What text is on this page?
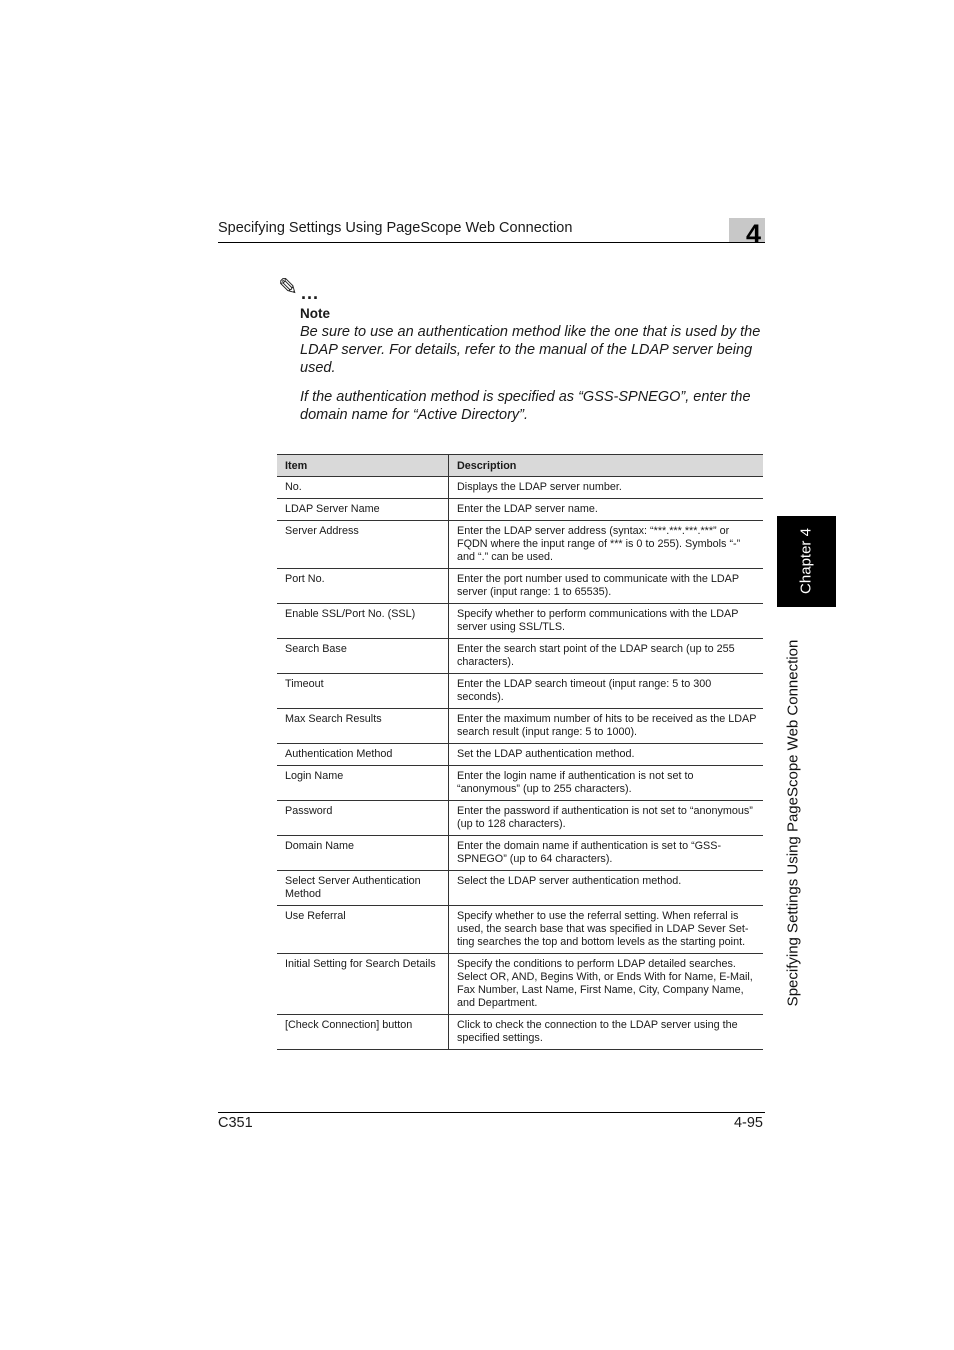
Specifying Settings Using PageScope Web Connection	4
✎ ...
Note
Be sure to use an authentication method like the one that is used by the LDAP server. For details, refer to the manual of the LDAP server being used.
If the authentication method is specified as “GSS-SPNEGO”, enter the domain name for “Active Directory”.
Item	Description
No.	Displays the LDAP server number.
LDAP Server Name	Enter the LDAP server name.
Server Address	Enter the LDAP server address (syntax: “***.***.***.***” or FQDN where the input range of *** is 0 to 255). Symbols “-” and “.” can be used.
Port No.	Enter the port number used to communicate with the LDAP server (input range: 1 to 65535).
Enable SSL/Port No. (SSL)	Specify whether to perform communications with the LDAP server using SSL/TLS.
Search Base	Enter the search start point of the LDAP search (up to 255 characters).
Timeout	Enter the LDAP search timeout (input range: 5 to 300 seconds).
Max Search Results	Enter the maximum number of hits to be received as the LDAP search result (input range: 5 to 1000).
Authentication Method	Set the LDAP authentication method.
Login Name	Enter the login name if authentication is not set to “anonymous” (up to 255 characters).
Password	Enter the password if authentication is not set to “anonymous” (up to 128 characters).
Domain Name	Enter the domain name if authentication is set to “GSS-SPNEGO” (up to 64 characters).
Select Server Authentication Method	Select the LDAP server authentication method.
Use Referral	Specify whether to use the referral setting. When referral is used, the search base that was specified in LDAP Sever Set-ting searches the top and bottom levels as the starting point.
Initial Setting for Search Details	Specify the conditions to perform LDAP detailed searches. Select OR, AND, Begins With, or Ends With for Name, E-Mail, Fax Number, Last Name, First Name, City, Company Name, and Department.
[Check Connection] button	Click to check the connection to the LDAP server using the specified settings.
Chapter 4
Specifying Settings Using PageScope Web Connection
C351	4-95
